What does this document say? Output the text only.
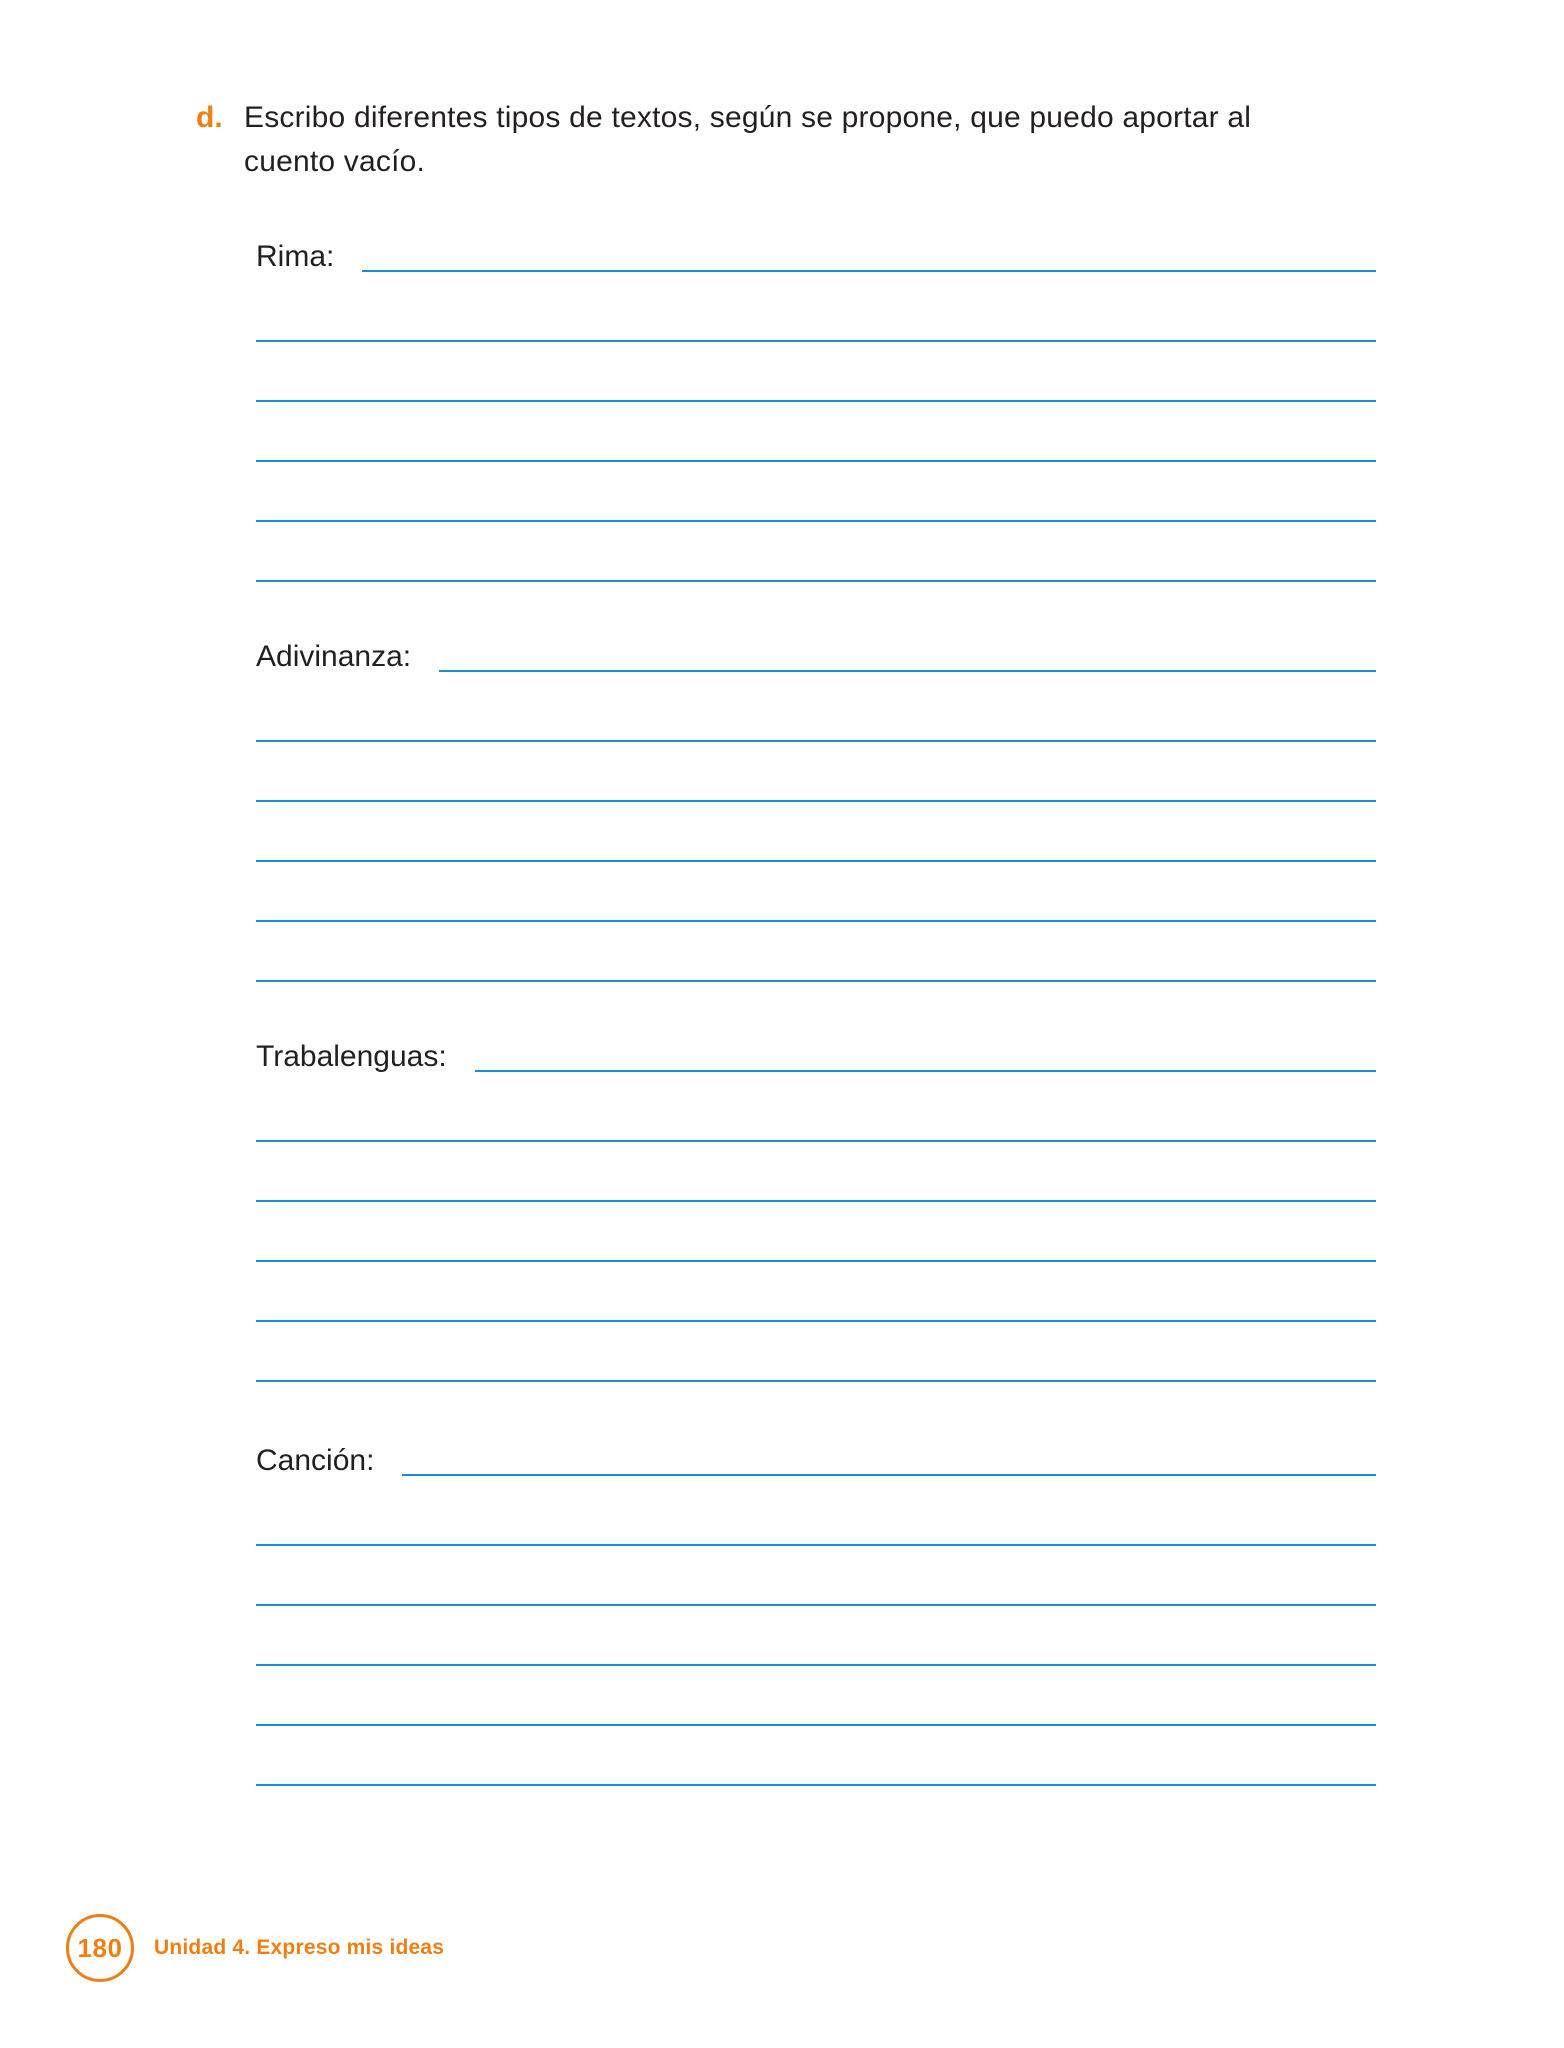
d. Escribo diferentes tipos de textos, según se propone, que puedo aportar al cuento vacío.
Rima:
Adivinanza:
Trabalenguas:
Canción:
180	Unidad 4. Expreso mis ideas
